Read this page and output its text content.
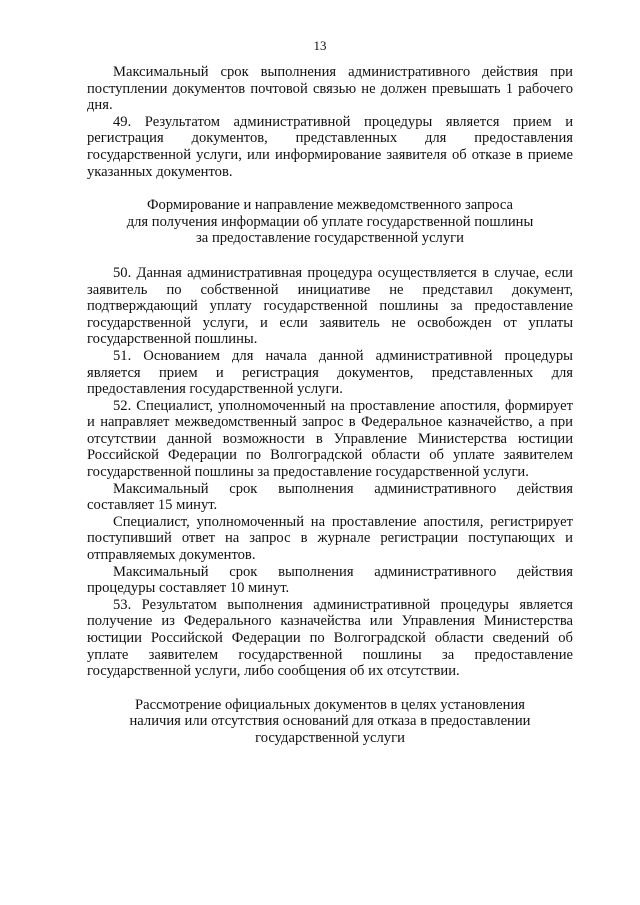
13

Максимальный срок выполнения административного действия при поступлении документов почтовой связью не должен превышать 1 рабочего дня.

49. Результатом административной процедуры является прием и регистрация документов, представленных для предоставления государственной услуги, или информирование заявителя об отказе в приеме указанных документов.

Формирование и направление межведомственного запроса
для получения информации об уплате государственной пошлины
за предоставление государственной услуги

50. Данная административная процедура осуществляется в случае, если заявитель по собственной инициативе не представил документ, подтверждающий уплату государственной пошлины за предоставление государственной услуги, и если заявитель не освобожден от уплаты государственной пошлины.

51. Основанием для начала данной административной процедуры является прием и регистрация документов, представленных для предоставления государственной услуги.

52. Специалист, уполномоченный на проставление апостиля, формирует и направляет межведомственный запрос в Федеральное казначейство, а при отсутствии данной возможности в Управление Министерства юстиции Российской Федерации по Волгоградской области об уплате заявителем государственной пошлины за предоставление государственной услуги.

Максимальный срок выполнения административного действия составляет 15 минут.

Специалист, уполномоченный на проставление апостиля, регистрирует поступивший ответ на запрос в журнале регистрации поступающих и отправляемых документов.

Максимальный срок выполнения административного действия процедуры составляет 10 минут.

53. Результатом выполнения административной процедуры является получение из Федерального казначейства или Управления Министерства юстиции Российской Федерации по Волгоградской области сведений об уплате заявителем государственной пошлины за предоставление государственной услуги, либо сообщения об их отсутствии.

Рассмотрение официальных документов в целях установления
наличия или отсутствия оснований для отказа в предоставлении
государственной услуги
